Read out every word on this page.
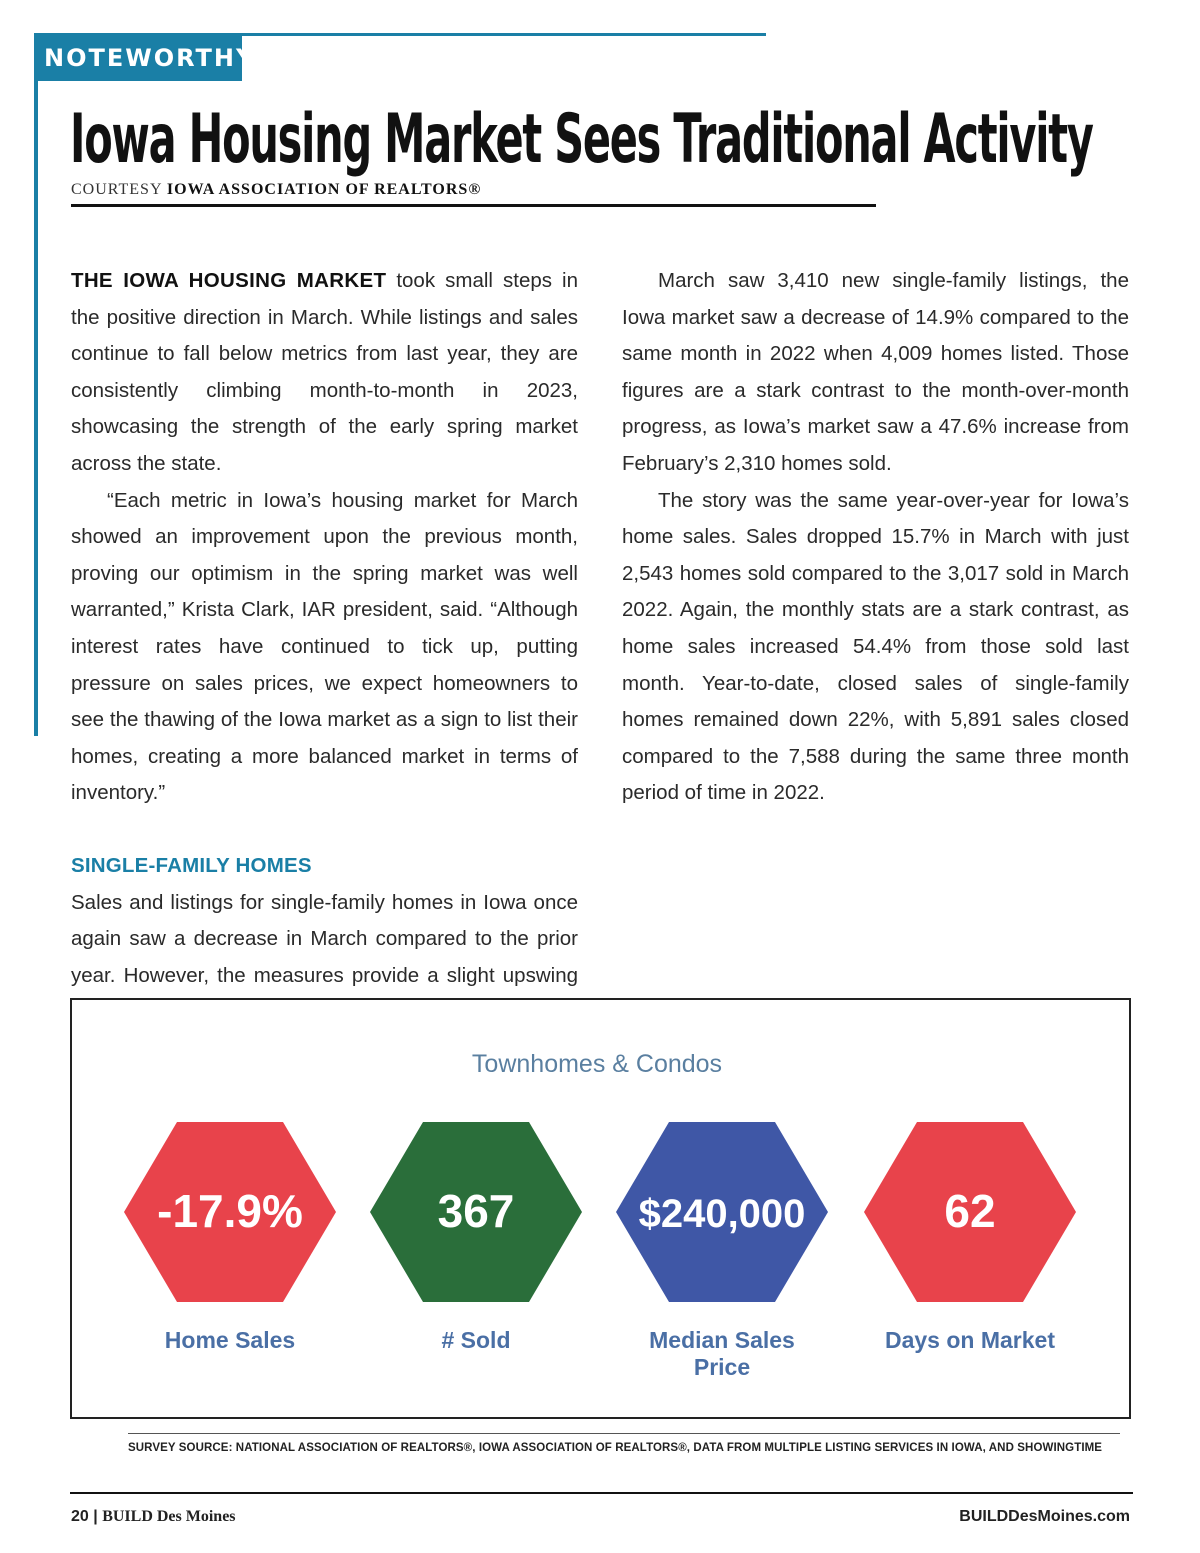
NOTEWORTHY
Iowa Housing Market Sees Traditional Activity
COURTESY IOWA ASSOCIATION OF REALTORS®

THE IOWA HOUSING MARKET took small steps in the positive direction in March. While listings and sales continue to fall below metrics from last year, they are consistently climbing month-to-month in 2023, showcasing the strength of the early spring market across the state.

“Each metric in Iowa’s housing market for March showed an improvement upon the previous month, proving our optimism in the spring market was well warranted,” Krista Clark, IAR president, said. “Although interest rates have continued to tick up, putting pressure on sales prices, we expect homeowners to see the thawing of the Iowa market as a sign to list their homes, creating a more balanced market in terms of inventory.”

SINGLE-FAMILY HOMES

Sales and listings for single-family homes in Iowa once again saw a decrease in March compared to the prior year. However, the measures provide a slight upswing

March saw 3,410 new single-family listings, the Iowa market saw a decrease of 14.9% compared to the same month in 2022 when 4,009 homes listed. Those figures are a stark contrast to the month-over-month progress, as Iowa’s market saw a 47.6% increase from February’s 2,310 homes sold.

The story was the same year-over-year for Iowa’s home sales. Sales dropped 15.7% in March with just 2,543 homes sold compared to the 3,017 sold in March 2022. Again, the monthly stats are a stark contrast, as home sales increased 54.4% from those sold last month. Year-to-date, closed sales of single-family homes remained down 22%, with 5,891 sales closed compared to the 7,588 during the same three month period of time in 2022.

Townhomes & Condos
-17.9%
Home Sales
367
# Sold
$240,000
Median Sales
Price
62
Days on Market
SURVEY SOURCE: NATIONAL ASSOCIATION OF REALTORS®, IOWA ASSOCIATION OF REALTORS®, DATA FROM MULTIPLE LISTING SERVICES IN IOWA, AND SHOWINGTIME
20 | BUILD Des Moines	BUILDDesMoines.com
